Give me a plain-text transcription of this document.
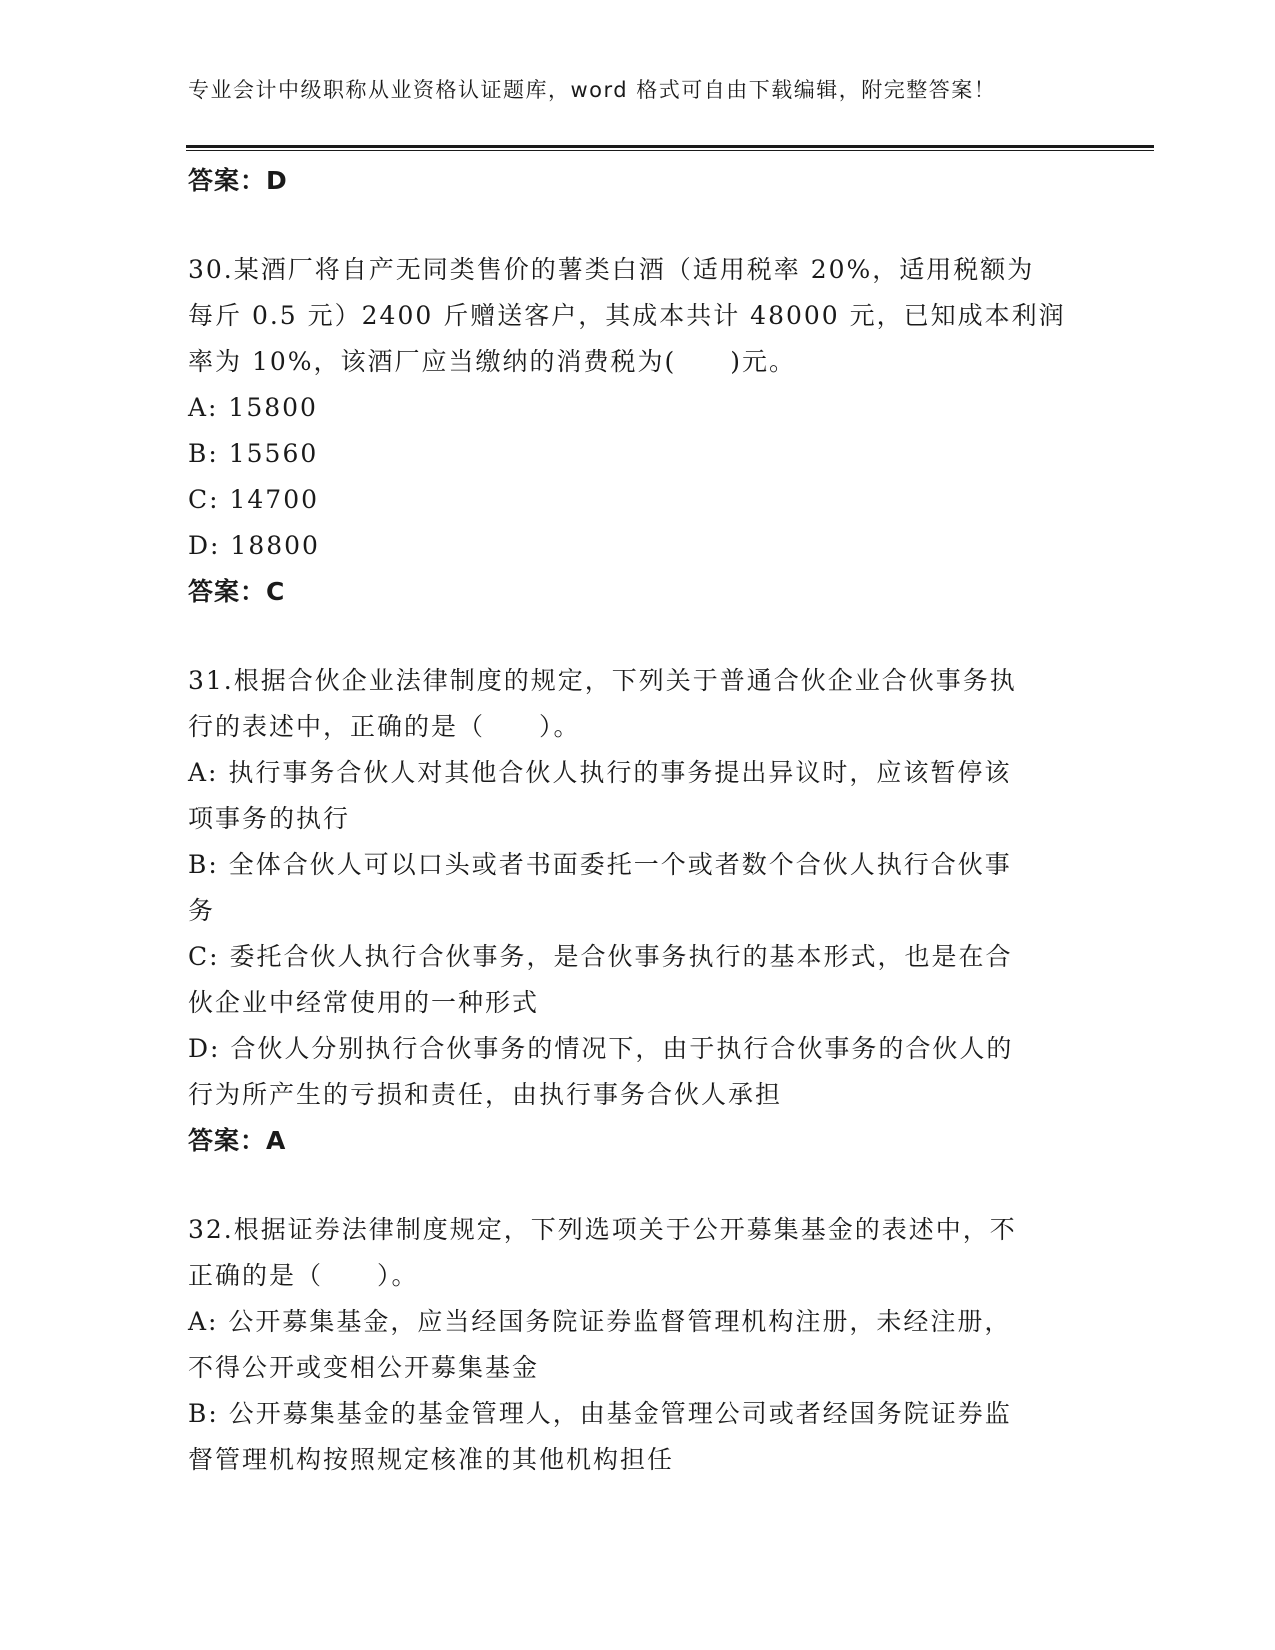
专业会计中级职称从业资格认证题库，word 格式可自由下载编辑，附完整答案！
答案：D
30.某酒厂将自产无同类售价的薯类白酒（适用税率 20%，适用税额为
每斤 0.5 元）2400 斤赠送客户，其成本共计 48000 元，已知成本利润
率为 10%，该酒厂应当缴纳的消费税为(　　)元。
A: 15800
B: 15560
C: 14700
D: 18800
答案：C
31.根据合伙企业法律制度的规定，下列关于普通合伙企业合伙事务执
行的表述中，正确的是（　　）。
A: 执行事务合伙人对其他合伙人执行的事务提出异议时，应该暂停该
项事务的执行
B: 全体合伙人可以口头或者书面委托一个或者数个合伙人执行合伙事
务
C: 委托合伙人执行合伙事务，是合伙事务执行的基本形式，也是在合
伙企业中经常使用的一种形式
D: 合伙人分别执行合伙事务的情况下，由于执行合伙事务的合伙人的
行为所产生的亏损和责任，由执行事务合伙人承担
答案：A
32.根据证券法律制度规定，下列选项关于公开募集基金的表述中，不
正确的是（　　）。
A: 公开募集基金，应当经国务院证券监督管理机构注册，未经注册，
不得公开或变相公开募集基金
B: 公开募集基金的基金管理人，由基金管理公司或者经国务院证券监
督管理机构按照规定核准的其他机构担任
